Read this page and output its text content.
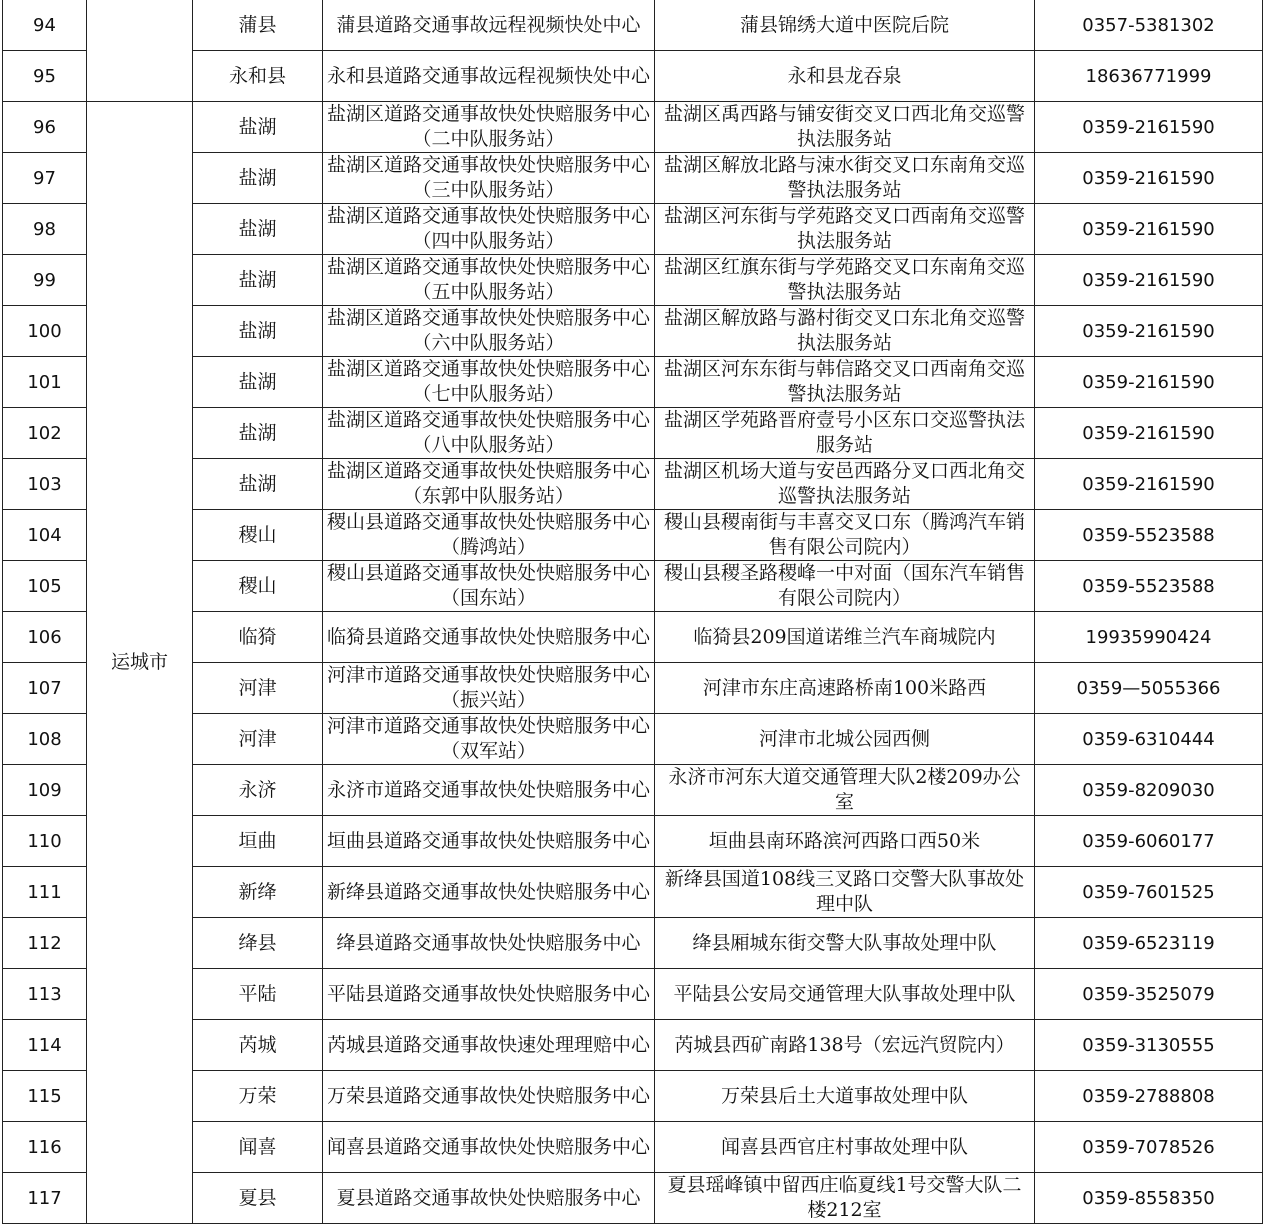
94		蒲县	蒲县道路交通事故远程视频快处中心	蒲县锦绣大道中医院后院	0357-5381302
95		永和县	永和县道路交通事故远程视频快处中心	永和县龙吞泉	18636771999
96	运城市	盐湖	盐湖区道路交通事故快处快赔服务中心（二中队服务站）	盐湖区禹西路与铺安街交叉口西北角交巡警执法服务站	0359-2161590
97		盐湖	盐湖区道路交通事故快处快赔服务中心（三中队服务站）	盐湖区解放北路与涑水街交叉口东南角交巡警执法服务站	0359-2161590
98		盐湖	盐湖区道路交通事故快处快赔服务中心（四中队服务站）	盐湖区河东街与学苑路交叉口西南角交巡警执法服务站	0359-2161590
99		盐湖	盐湖区道路交通事故快处快赔服务中心（五中队服务站）	盐湖区红旗东街与学苑路交叉口东南角交巡警执法服务站	0359-2161590
100		盐湖	盐湖区道路交通事故快处快赔服务中心（六中队服务站）	盐湖区解放路与潞村街交叉口东北角交巡警执法服务站	0359-2161590
101		盐湖	盐湖区道路交通事故快处快赔服务中心（七中队服务站）	盐湖区河东东街与韩信路交叉口西南角交巡警执法服务站	0359-2161590
102		盐湖	盐湖区道路交通事故快处快赔服务中心（八中队服务站）	盐湖区学苑路晋府壹号小区东口交巡警执法服务站	0359-2161590
103		盐湖	盐湖区道路交通事故快处快赔服务中心（东郭中队服务站）	盐湖区机场大道与安邑西路分叉口西北角交巡警执法服务站	0359-2161590
104		稷山	稷山县道路交通事故快处快赔服务中心（腾鸿站）	稷山县稷南街与丰喜交叉口东（腾鸿汽车销售有限公司院内）	0359-5523588
105		稷山	稷山县道路交通事故快处快赔服务中心（国东站）	稷山县稷圣路稷峰一中对面（国东汽车销售有限公司院内）	0359-5523588
106		临猗	临猗县道路交通事故快处快赔服务中心	临猗县209国道诺维兰汽车商城院内	19935990424
107		河津	河津市道路交通事故快处快赔服务中心（振兴站）	河津市东庄高速路桥南100米路西	0359—5055366
108		河津	河津市道路交通事故快处快赔服务中心（双军站）	河津市北城公园西侧	0359-6310444
109		永济	永济市道路交通事故快处快赔服务中心	永济市河东大道交通管理大队2楼209办公室	0359-8209030
110		垣曲	垣曲县道路交通事故快处快赔服务中心	垣曲县南环路滨河西路口西50米	0359-6060177
111		新绛	新绛县道路交通事故快处快赔服务中心	新绛县国道108线三叉路口交警大队事故处理中队	0359-7601525
112		绛县	绛县道路交通事故快处快赔服务中心	绛县厢城东街交警大队事故处理中队	0359-6523119
113		平陆	平陆县道路交通事故快处快赔服务中心	平陆县公安局交通管理大队事故处理中队	0359-3525079
114		芮城	芮城县道路交通事故快速处理理赔中心	芮城县西矿南路138号（宏远汽贸院内）	0359-3130555
115		万荣	万荣县道路交通事故快处快赔服务中心	万荣县后土大道事故处理中队	0359-2788808
116		闻喜	闻喜县道路交通事故快处快赔服务中心	闻喜县西官庄村事故处理中队	0359-7078526
117		夏县	夏县道路交通事故快处快赔服务中心	夏县瑶峰镇中留西庄临夏线1号交警大队二楼212室	0359-8558350
